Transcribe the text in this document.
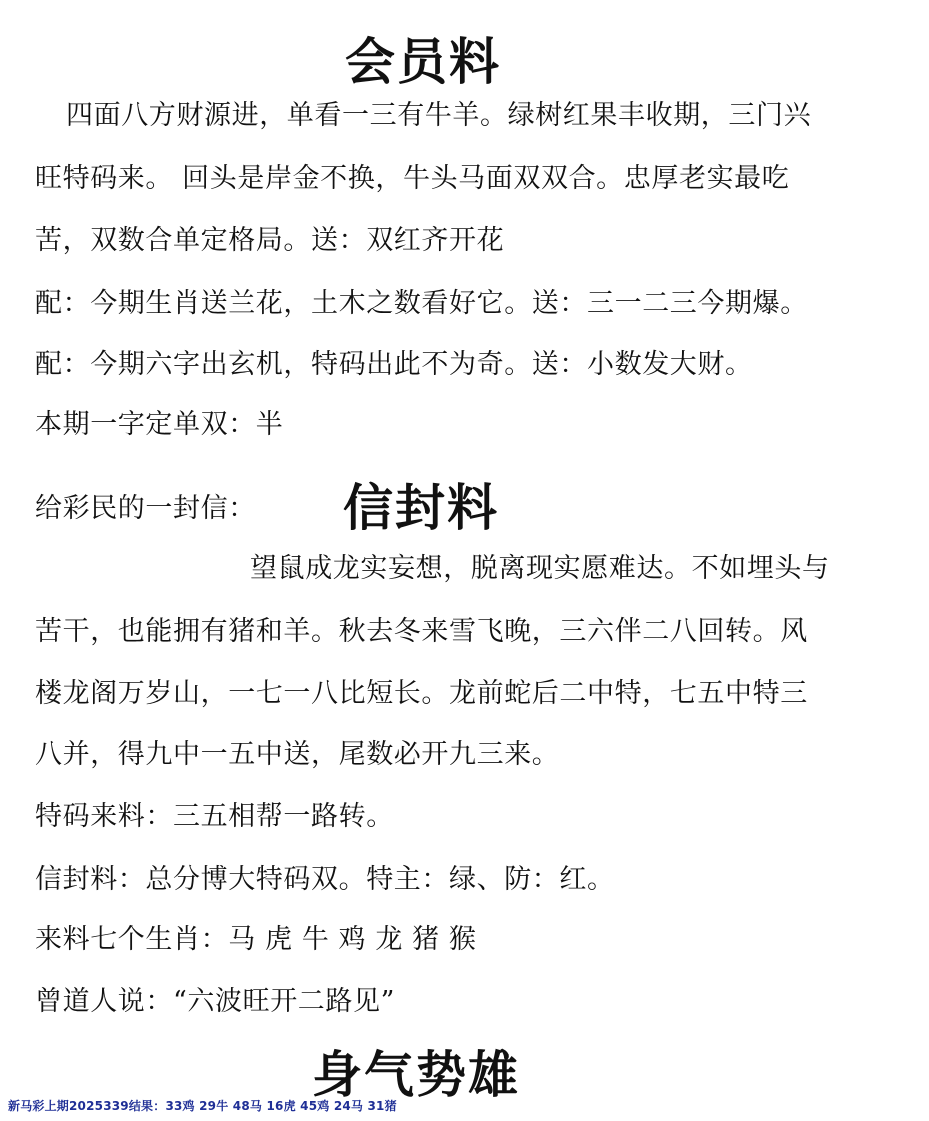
会员料

四面八方财源进，单看一三有牛羊。绿树红果丰收期，三门兴

旺特码来。 回头是岸金不换，牛头马面双双合。忠厚老实最吃

苦，双数合单定格局。送：双红齐开花

配：今期生肖送兰花，土木之数看好它。送：三一二三今期爆。

配：今期六字出玄机，特码出此不为奇。送：小数发大财。

本期一字定单双：半

给彩民的一封信： 信封料

望鼠成龙实妄想，脱离现实愿难达。不如埋头与

苦干，也能拥有猪和羊。秋去冬来雪飞晚，三六伴二八回转。风

楼龙阁万岁山，一七一八比短长。龙前蛇后二中特，七五中特三

八并，得九中一五中送，尾数必开九三来。

特码来料：三五相帮一路转。

信封料：总分博大特码双。特主：绿、防：红。

来料七个生肖：马 虎 牛 鸡 龙 猪 猴

曾道人说：“六波旺开二路见”

身气势雄

新马彩上期2025339结果：33鸡 29牛 48马 16虎 45鸡 24马 31猪
